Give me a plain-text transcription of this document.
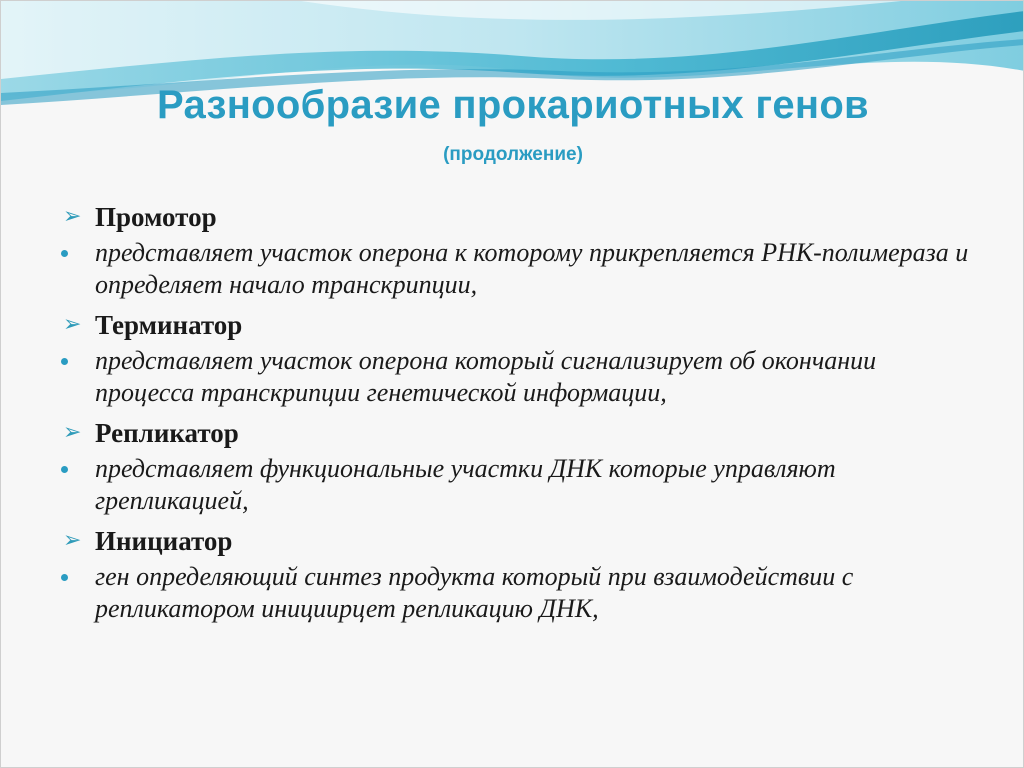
Разнообразие прокариотных генов
(продолжение)
➢ Промотор
представляет участок оперона к которому прикрепляется РНК-полимераза и определяет начало транскрипции,
➢ Терминатор
представляет участок оперона который сигнализирует об окончании процесса транскрипции генетической информации,
➢ Репликатор
представляет функциональные участки ДНК которые управляют грепликацией,
➢ Инициатор
ген определяющий синтез продукта который при взаимодействии с репликатором инициирцет репликацию ДНК,
